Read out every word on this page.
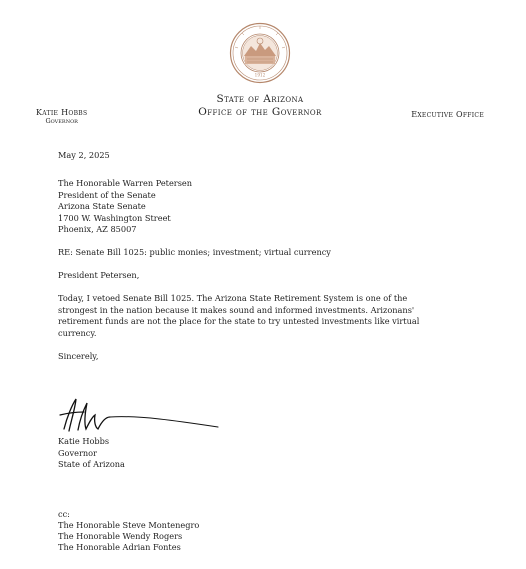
1912
Katie Hobbs
Governor
State of Arizona
Office of the Governor	Executive Office

May 2, 2025

The Honorable Warren Petersen

President of the Senate

Arizona State Senate

1700 W. Washington Street

Phoenix, AZ 85007

RE: Senate Bill 1025: public monies; investment; virtual currency

President Petersen,

Today, I vetoed Senate Bill 1025. The Arizona State Retirement System is one of the

strongest in the nation because it makes sound and informed investments. Arizonans'

retirement funds are not the place for the state to try untested investments like virtual

currency.

Sincerely,

Katie Hobbs

Governor

State of Arizona

cc:

The Honorable Steve Montenegro

The Honorable Wendy Rogers

The Honorable Adrian Fontes
